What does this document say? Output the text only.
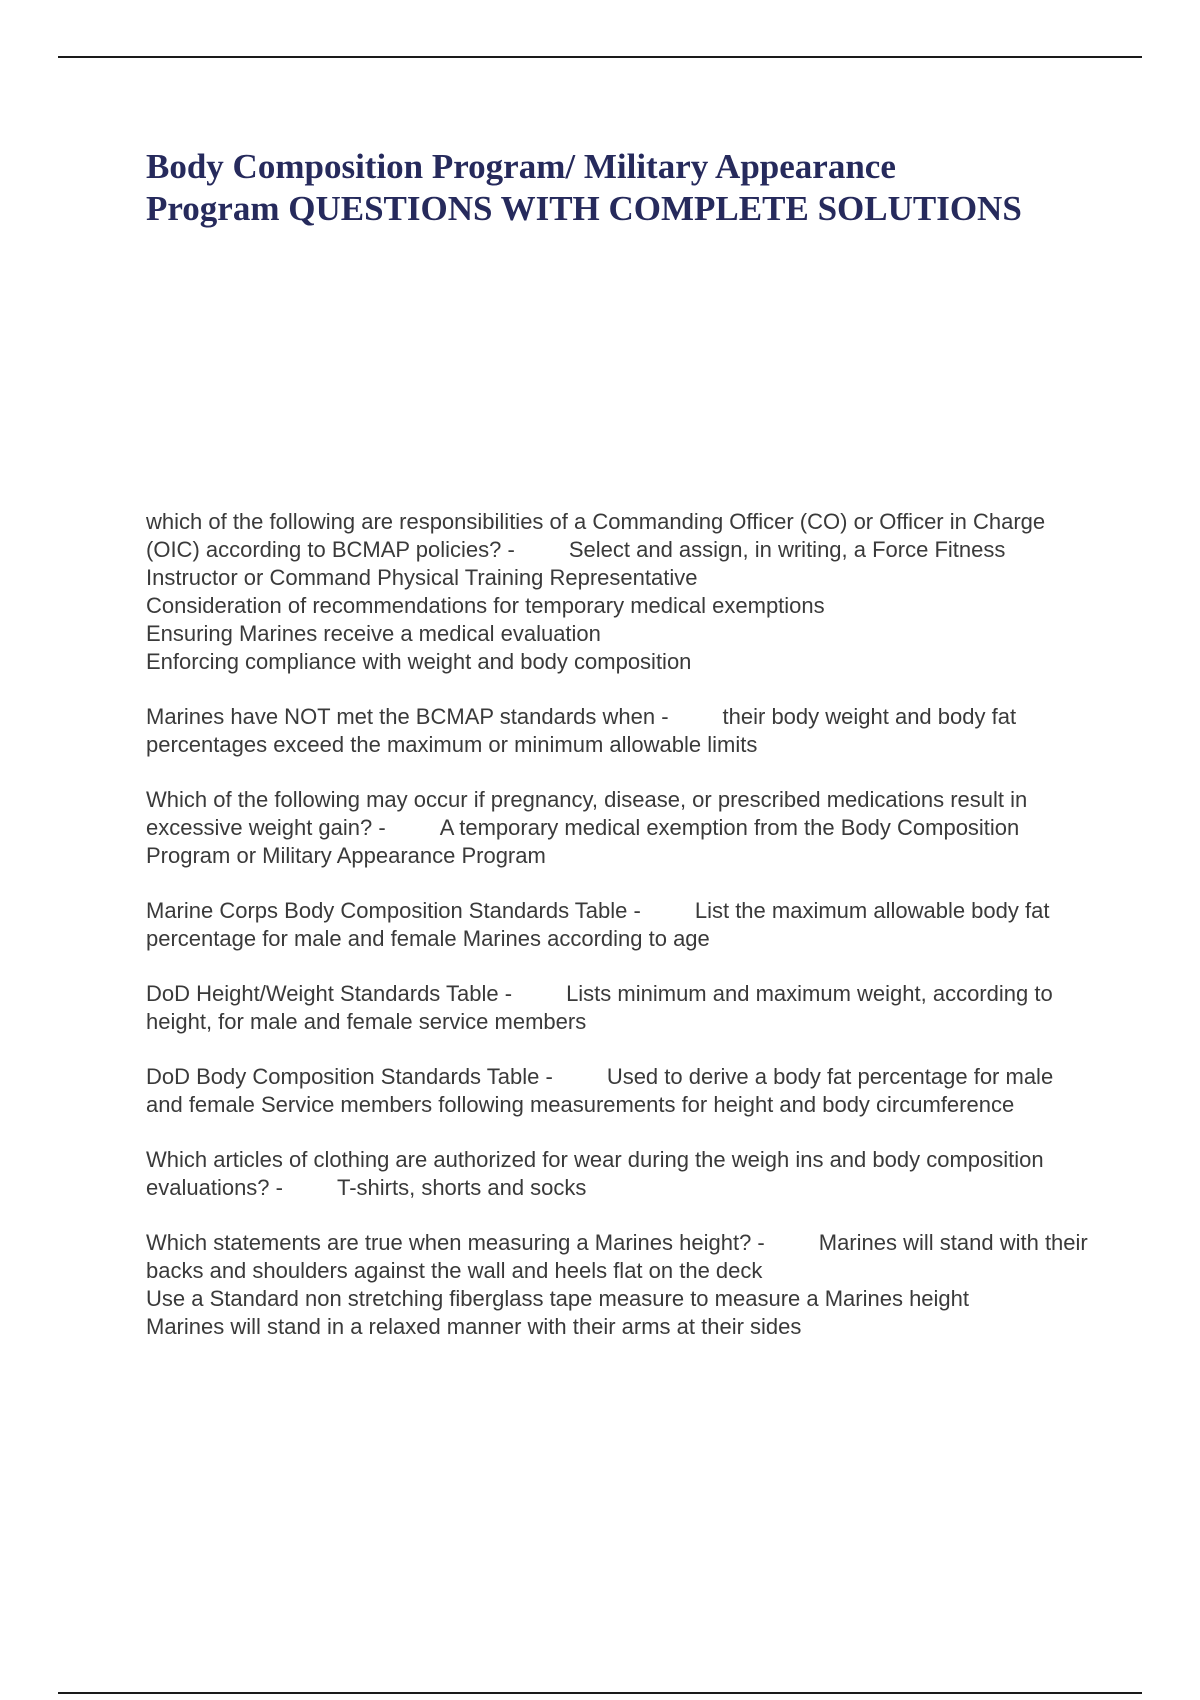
Body Composition Program/ Military Appearance
Program QUESTIONS WITH COMPLETE SOLUTIONS
which of the following are responsibilities of a Commanding Officer (CO) or Officer in Charge (OIC) according to BCMAP policies? - Select and assign, in writing, a Force Fitness Instructor or Command Physical Training Representative
Consideration of recommendations for temporary medical exemptions
Ensuring Marines receive a medical evaluation
Enforcing compliance with weight and body composition
Marines have NOT met the BCMAP standards when - their body weight and body fat percentages exceed the maximum or minimum allowable limits
Which of the following may occur if pregnancy, disease, or prescribed medications result in excessive weight gain? - A temporary medical exemption from the Body Composition Program or Military Appearance Program
Marine Corps Body Composition Standards Table - List the maximum allowable body fat percentage for male and female Marines according to age
DoD Height/Weight Standards Table - Lists minimum and maximum weight, according to height, for male and female service members
DoD Body Composition Standards Table - Used to derive a body fat percentage for male and female Service members following measurements for height and body circumference
Which articles of clothing are authorized for wear during the weigh ins and body composition evaluations? - T-shirts, shorts and socks
Which statements are true when measuring a Marines height? - Marines will stand with their backs and shoulders against the wall and heels flat on the deck
Use a Standard non stretching fiberglass tape measure to measure a Marines height
Marines will stand in a relaxed manner with their arms at their sides
